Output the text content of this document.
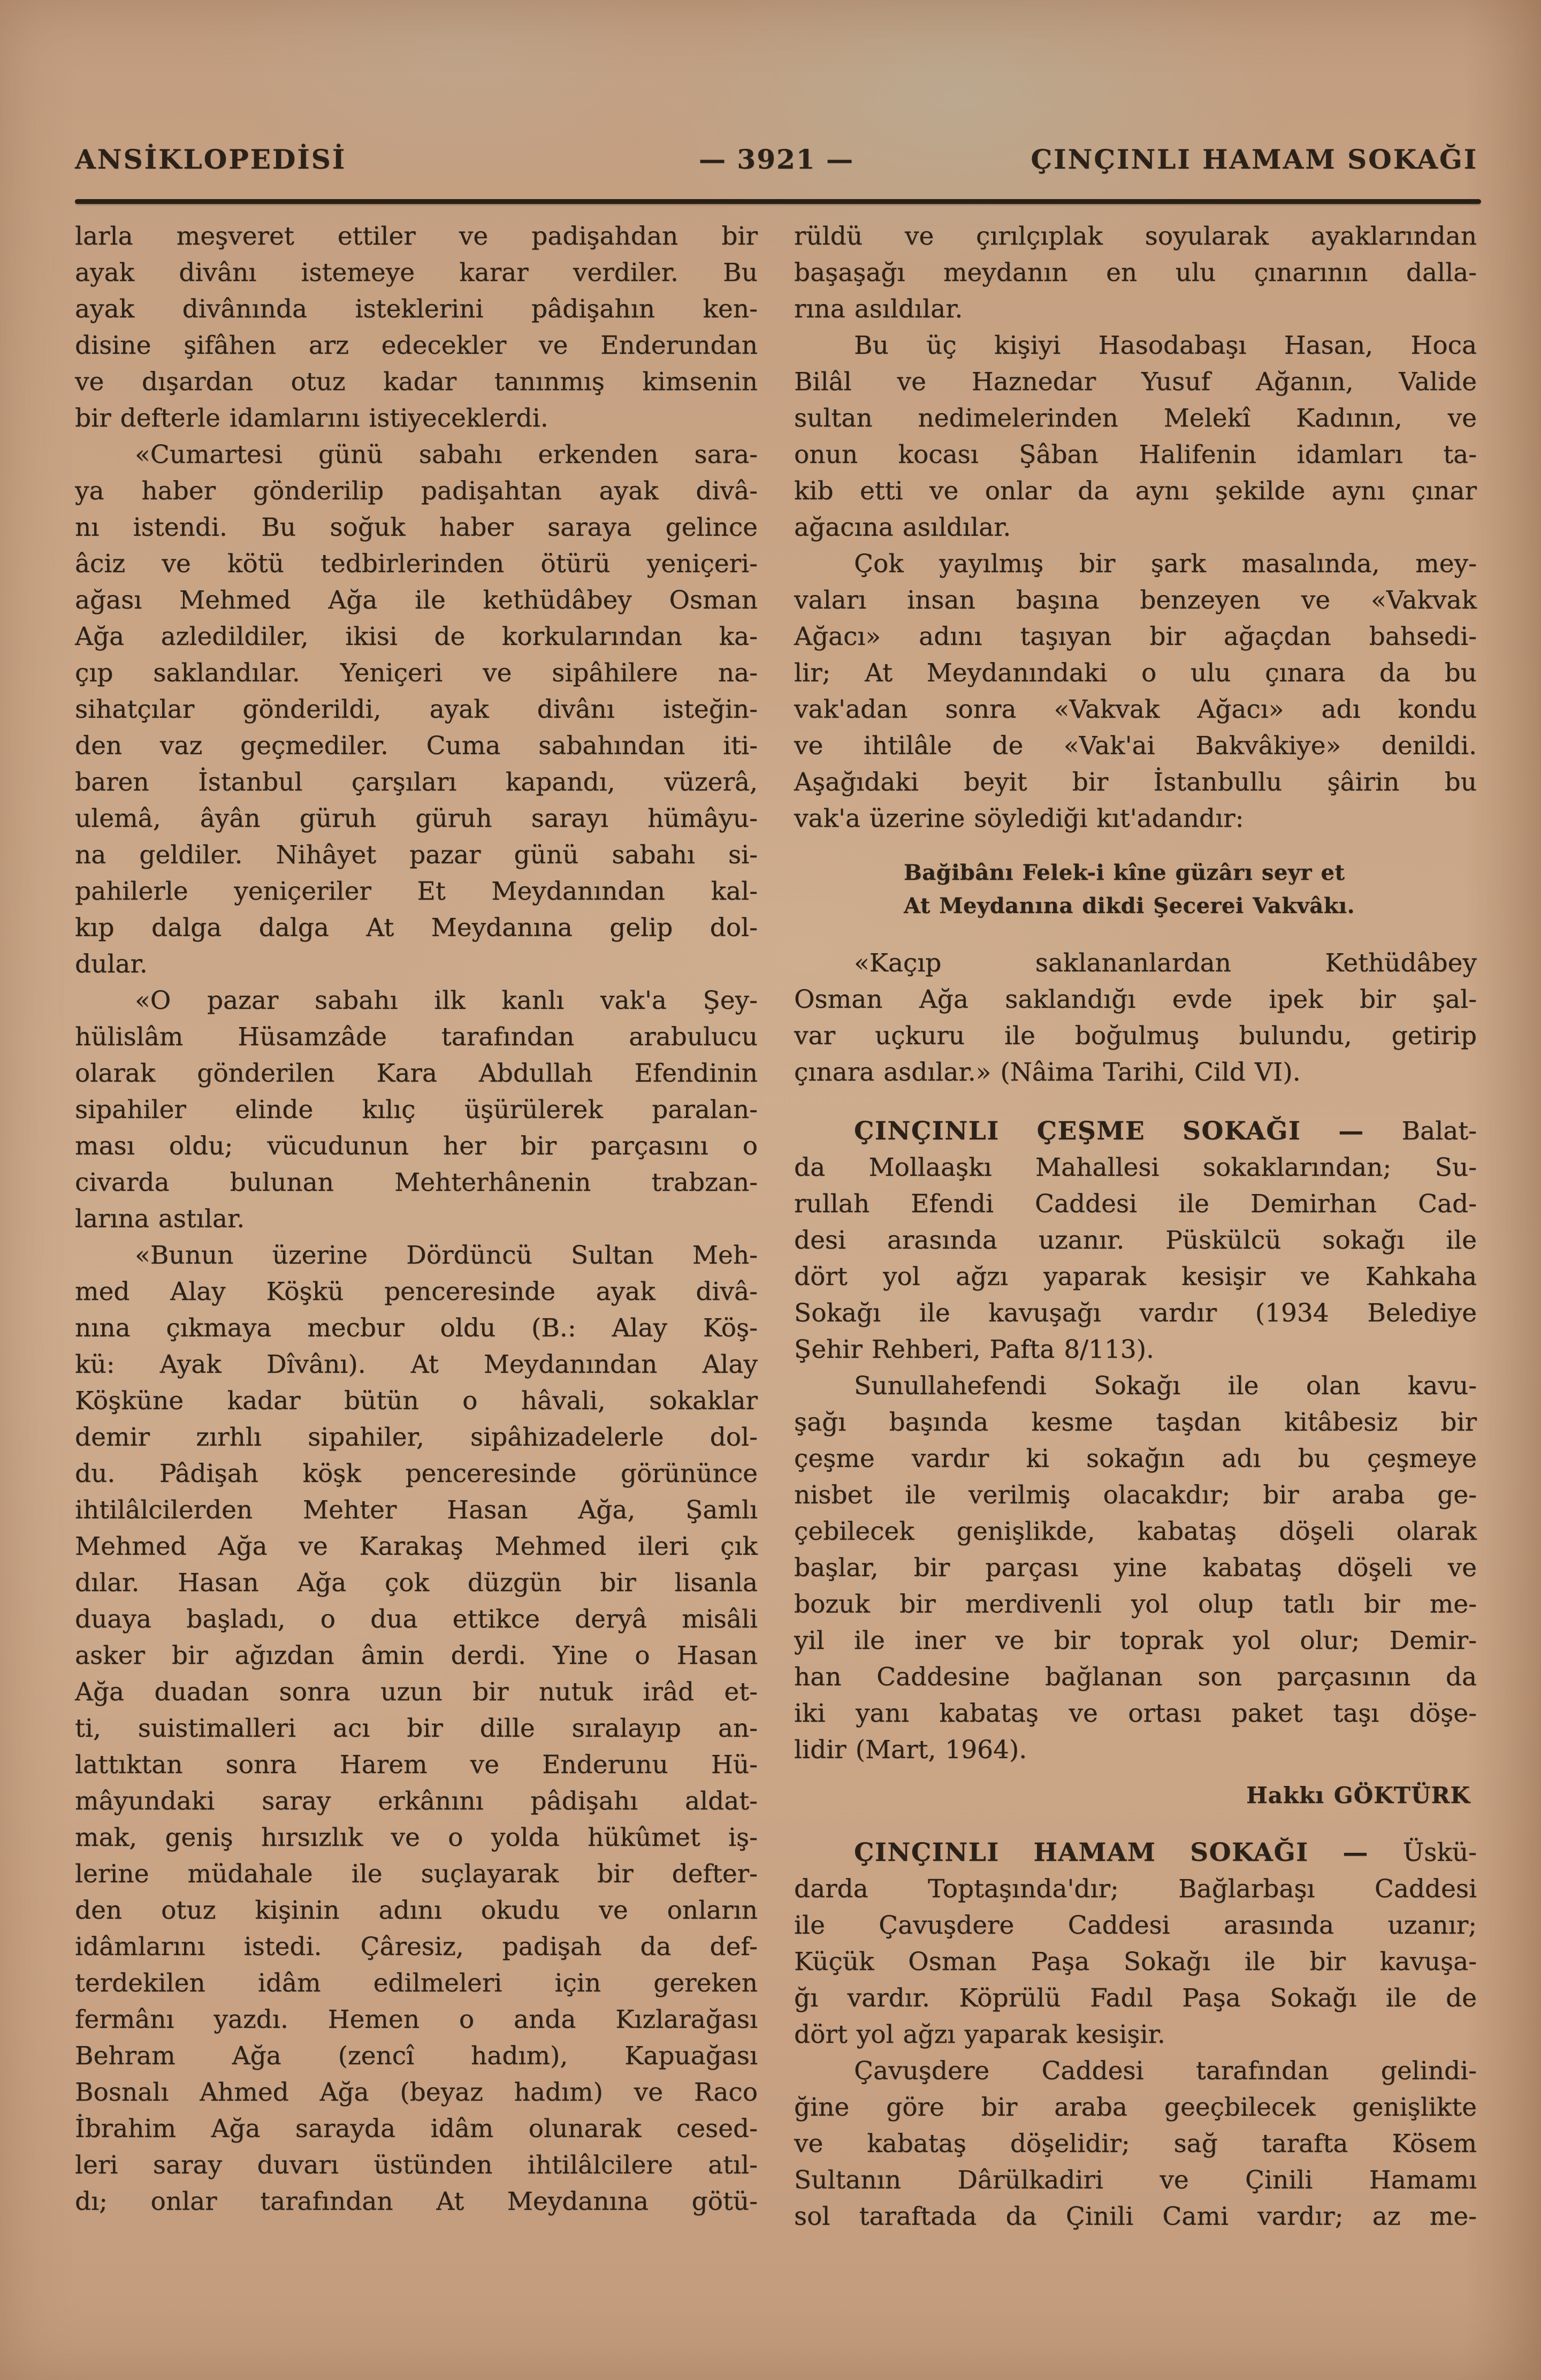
ANSİKLOPEDİSİ	— 3921 —	ÇINÇINLI HAMAM SOKAĞI
larla meşveret ettiler ve padişahdan bir
ayak divânı istemeye karar verdiler. Bu
ayak divânında isteklerini pâdişahın ken-
disine şifâhen arz edecekler ve Enderundan
ve dışardan otuz kadar tanınmış kimsenin
bir defterle idamlarını istiyeceklerdi.
«Cumartesi günü sabahı erkenden sara-
ya haber gönderilip padişahtan ayak divâ-
nı istendi. Bu soğuk haber saraya gelince
âciz ve kötü tedbirlerinden ötürü yeniçeri-
ağası Mehmed Ağa ile kethüdâbey Osman
Ağa azledildiler, ikisi de korkularından ka-
çıp saklandılar. Yeniçeri ve sipâhilere na-
sihatçılar gönderildi, ayak divânı isteğin-
den vaz geçmediler. Cuma sabahından iti-
baren İstanbul çarşıları kapandı, vüzerâ,
ulemâ, âyân güruh güruh sarayı hümâyu-
na geldiler. Nihâyet pazar günü sabahı si-
pahilerle yeniçeriler Et Meydanından kal-
kıp dalga dalga At Meydanına gelip dol-
dular.
«O pazar sabahı ilk kanlı vak'a Şey-
hülislâm Hüsamzâde tarafından arabulucu
olarak gönderilen Kara Abdullah Efendinin
sipahiler elinde kılıç üşürülerek paralan-
ması oldu; vücudunun her bir parçasını o
civarda bulunan Mehterhânenin trabzan-
larına astılar.
«Bunun üzerine Dördüncü Sultan Meh-
med Alay Köşkü penceresinde ayak divâ-
nına çıkmaya mecbur oldu (B.: Alay Köş-
kü: Ayak Dîvânı). At Meydanından Alay
Köşküne kadar bütün o hâvali, sokaklar
demir zırhlı sipahiler, sipâhizadelerle dol-
du. Pâdişah köşk penceresinde görününce
ihtilâlcilerden Mehter Hasan Ağa, Şamlı
Mehmed Ağa ve Karakaş Mehmed ileri çık
dılar. Hasan Ağa çok düzgün bir lisanla
duaya başladı, o dua ettikce deryâ misâli
asker bir ağızdan âmin derdi. Yine o Hasan
Ağa duadan sonra uzun bir nutuk irâd et-
ti, suistimalleri acı bir dille sıralayıp an-
lattıktan sonra Harem ve Enderunu Hü-
mâyundaki saray erkânını pâdişahı aldat-
mak, geniş hırsızlık ve o yolda hükûmet iş-
lerine müdahale ile suçlayarak bir defter-
den otuz kişinin adını okudu ve onların
idâmlarını istedi. Çâresiz, padişah da def-
terdekilen idâm edilmeleri için gereken
fermânı yazdı. Hemen o anda Kızlarağası
Behram Ağa (zencî hadım), Kapuağası
Bosnalı Ahmed Ağa (beyaz hadım) ve Raco
İbrahim Ağa sarayda idâm olunarak cesed-
leri saray duvarı üstünden ihtilâlcilere atıl-
dı; onlar tarafından At Meydanına götü-
rüldü ve çırılçıplak soyularak ayaklarından
başaşağı meydanın en ulu çınarının dalla-
rına asıldılar.
Bu üç kişiyi Hasodabaşı Hasan, Hoca
Bilâl ve Haznedar Yusuf Ağanın, Valide
sultan nedimelerinden Melekî Kadının, ve
onun kocası Şâban Halifenin idamları ta-
kib etti ve onlar da aynı şekilde aynı çınar
ağacına asıldılar.
Çok yayılmış bir şark masalında, mey-
vaları insan başına benzeyen ve «Vakvak
Ağacı» adını taşıyan bir ağaçdan bahsedi-
lir; At Meydanındaki o ulu çınara da bu
vak'adan sonra «Vakvak Ağacı» adı kondu
ve ihtilâle de «Vak'ai Bakvâkiye» denildi.
Aşağıdaki beyit bir İstanbullu şâirin bu
vak'a üzerine söylediği kıt'adandır:
Bağibânı Felek-i kîne güzârı seyr et
At Meydanına dikdi Şecerei Vakvâkı.
«Kaçıp saklananlardan Kethüdâbey
Osman Ağa saklandığı evde ipek bir şal-
var uçkuru ile boğulmuş bulundu, getirip
çınara asdılar.» (Nâima Tarihi, Cild VI).
ÇINÇINLI ÇEŞME SOKAĞI — Balat-
da Mollaaşkı Mahallesi sokaklarından; Su-
rullah Efendi Caddesi ile Demirhan Cad-
desi arasında uzanır. Püskülcü sokağı ile
dört yol ağzı yaparak kesişir ve Kahkaha
Sokağı ile kavuşağı vardır (1934 Belediye
Şehir Rehberi, Pafta 8/113).
Sunullahefendi Sokağı ile olan kavu-
şağı başında kesme taşdan kitâbesiz bir
çeşme vardır ki sokağın adı bu çeşmeye
nisbet ile verilmiş olacakdır; bir araba ge-
çebilecek genişlikde, kabataş döşeli olarak
başlar, bir parçası yine kabataş döşeli ve
bozuk bir merdivenli yol olup tatlı bir me-
yil ile iner ve bir toprak yol olur; Demir-
han Caddesine bağlanan son parçasının da
iki yanı kabataş ve ortası paket taşı döşe-
lidir (Mart, 1964).
Hakkı GÖKTÜRK
ÇINÇINLI HAMAM SOKAĞI — Üskü-
darda Toptaşında'dır; Bağlarbaşı Caddesi
ile Çavuşdere Caddesi arasında uzanır;
Küçük Osman Paşa Sokağı ile bir kavuşa-
ğı vardır. Köprülü Fadıl Paşa Sokağı ile de
dört yol ağzı yaparak kesişir.
Çavuşdere Caddesi tarafından gelindi-
ğine göre bir araba geeçbilecek genişlikte
ve kabataş döşelidir; sağ tarafta Kösem
Sultanın Dârülkadiri ve Çinili Hamamı
sol taraftada da Çinili Cami vardır; az me-
